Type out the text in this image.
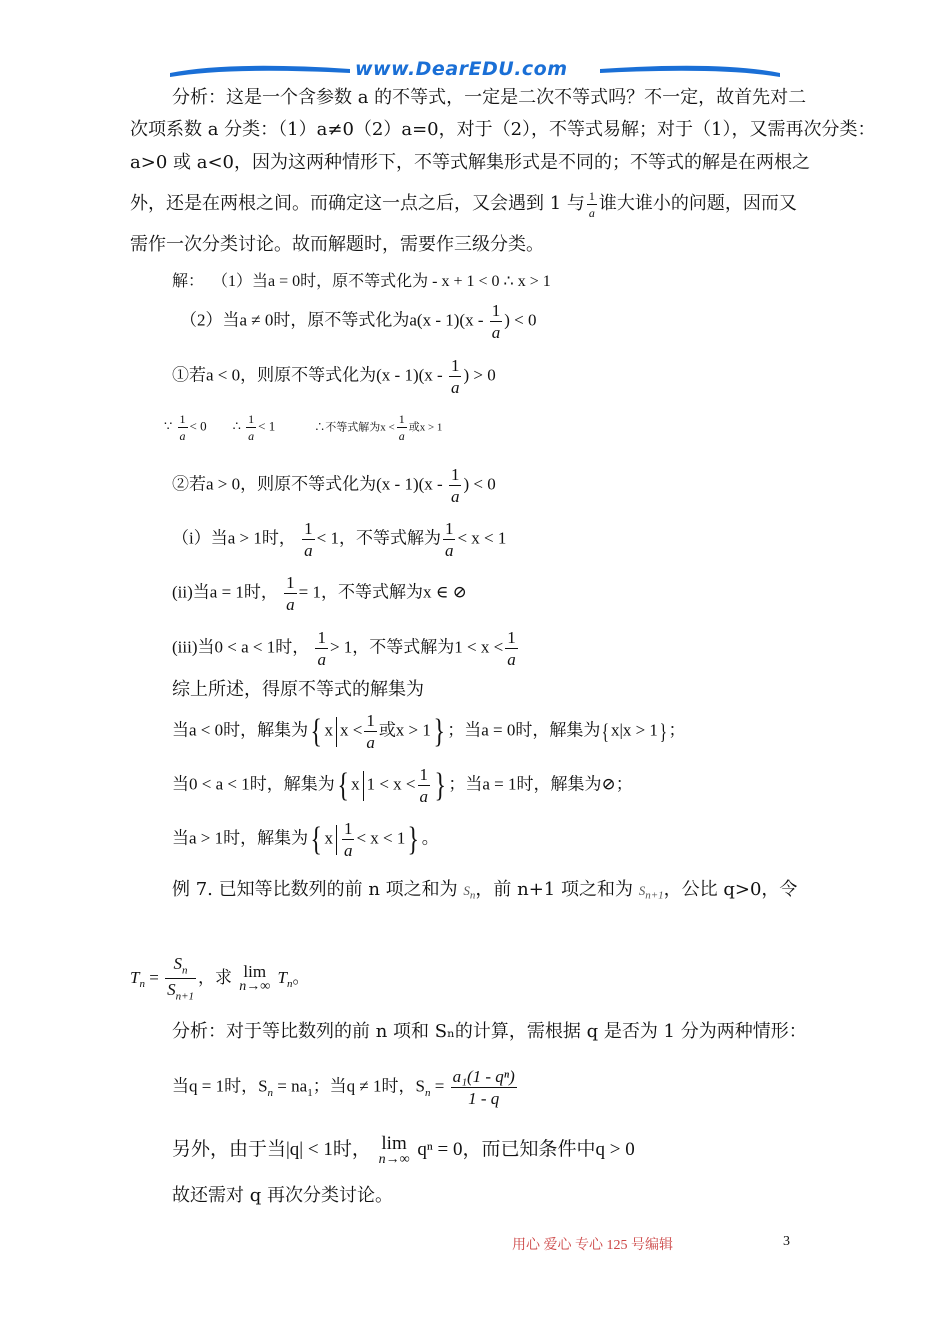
www.DearEDU.com
分析：这是一个含参数 a 的不等式，一定是二次不等式吗？不一定，故首先对二
次项系数 a 分类：（1）a≠0（2）a=0，对于（2），不等式易解；对于（1），又需再次分类：
a>0 或 a<0，因为这两种情形下，不等式解集形式是不同的；不等式的解是在两根之
外，还是在两根之间。而确定这一点之后，又会遇到 1 与 $\frac{1}{a}$ 谁大谁小的问题，因而又
需作一次分类讨论。故而解题时，需要作三级分类。
解： （1）当a = 0时，原不等式化为 - x + 1 < 0 ∴ x > 1
（2）当a ≠ 0时，原不等式化为$a(x - 1)(x - \frac{1}{a}$ ) < 0
①若a < 0，则原不等式化为$(x - 1)(x - \frac{1}{a}$ ) > 0
∵ $\frac{1}{a} < 0$ ∴ $\frac{1}{a} < 1$	∴不等式解为$x < \frac{1}{a}$ 或x > 1
②若a > 0，则原不等式化为$(x - 1)(x - \frac{1}{a}$ ) < 0
（i）当a > 1时， $\frac{1}{a} < 1$，不等式解为 $\frac{1}{a} < x < 1$
(ii)当a = 1时， $\frac{1}{a} = 1$，不等式解为x ∈ ⊘
(iii)当0 < a < 1时， $\frac{1}{a} > 1$，不等式解为$1 < x < \frac{1}{a}$
综上所述，得原不等式的解集为
当a < 0时，解集为{ x $x < \frac{1}{a}$ 或x > 1} ；当a = 0时，解集为{x|x > 1}；
当0 < a < 1时，解集为{ x $1 < x < \frac{1}{a}$ } ；当a = 1时，解集为⊘；
当a > 1时，解集为{ x $\frac{1}{a} < x < 1$} 。
例 7. 已知等比数列的前 n 项之和为 $S_n$，前 n+1 项之和为 $S_{n+1}$，公比 q>0，令
$T_n = \frac{S_n}{S_{n+1}}$ ，求 lim
n→∞
$T_n$。
分析：对于等比数列的前 n 项和 Sₙ的计算，需根据 q 是否为 1 分为两种情形：
当q = 1时，$S_n = na_1$；当q ≠ 1时，$S_n = \frac{\text{a₁(1 - qⁿ)}}{1 - q}$
另外，由于当|q| < 1时， lim
n→∞ qⁿ = 0，而已知条件中q > 0
故还需对 q 再次分类讨论。
用心 爱心 专心 125 号编辑	3
